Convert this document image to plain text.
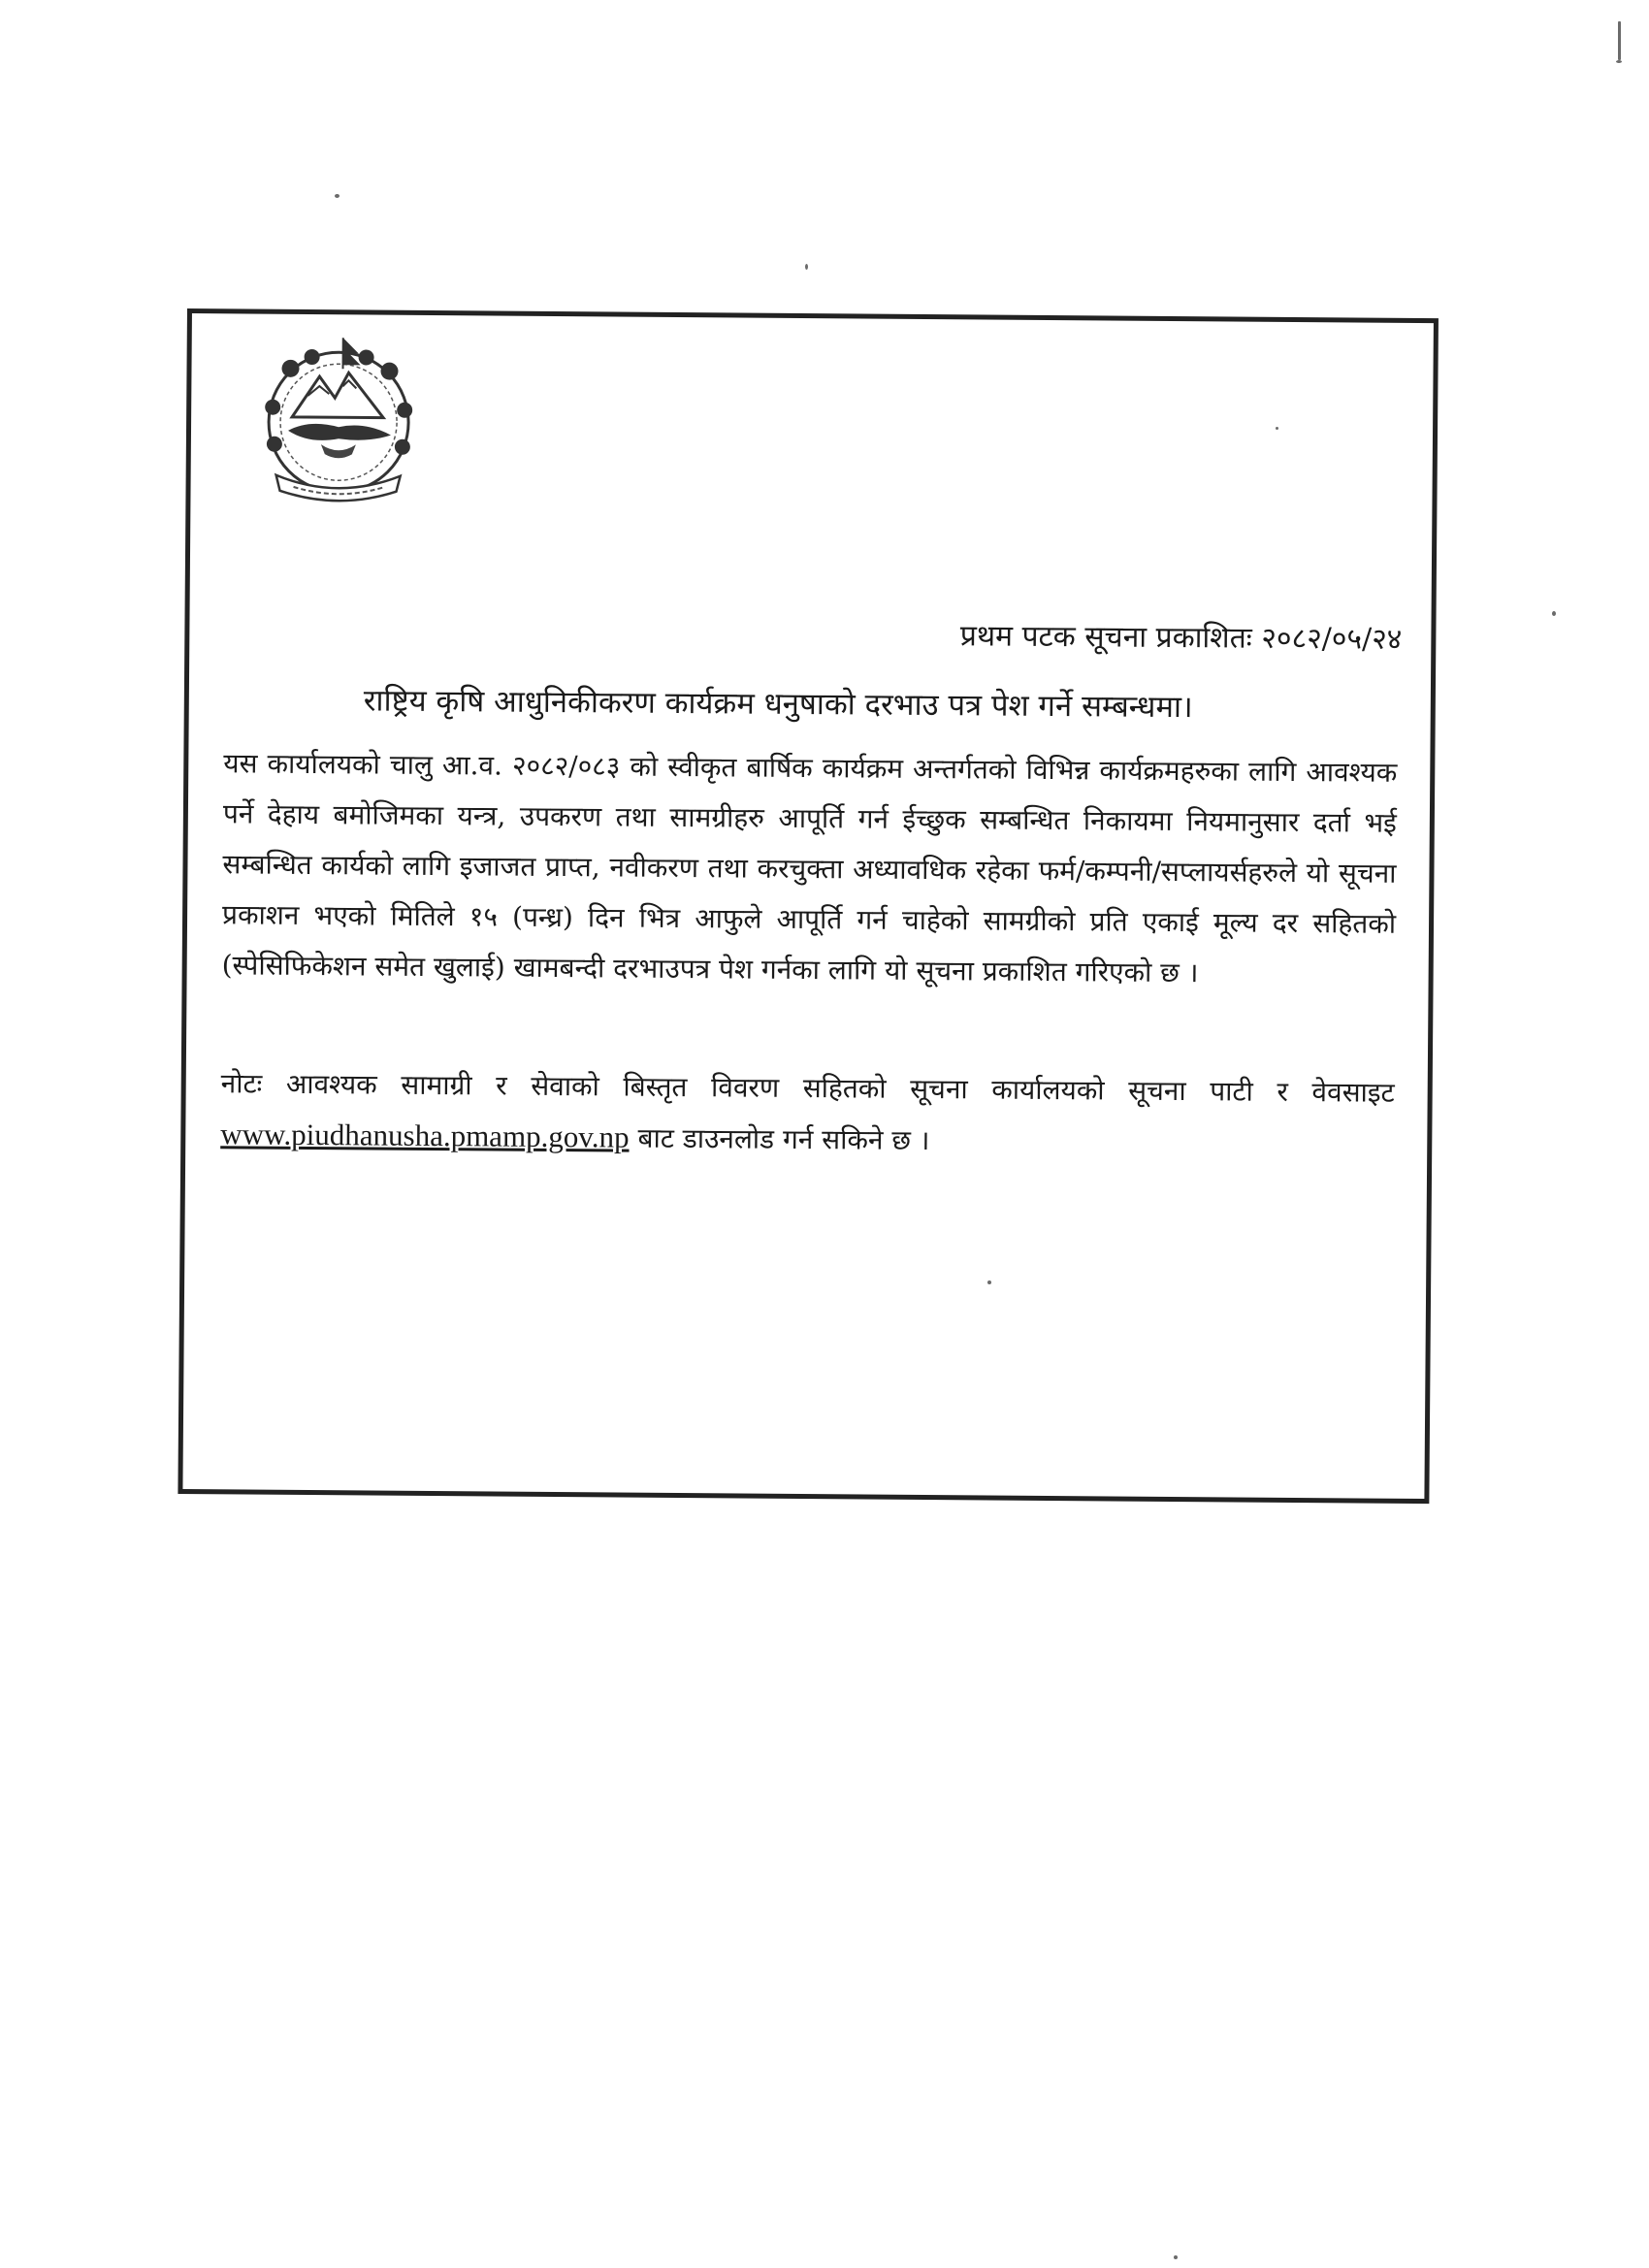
प्रथम पटक सूचना प्रकाशितः २०८२/०५/२४
राष्ट्रिय कृषि आधुनिकीकरण कार्यक्रम धनुषाको दरभाउ पत्र पेश गर्ने सम्बन्धमा।
यस कार्यालयको चालु आ.व. २०८२/०८३ को स्वीकृत बार्षिक कार्यक्रम अन्तर्गतको विभिन्न कार्यक्रमहरुका लागि आवश्यक पर्ने देहाय बमोजिमका यन्त्र, उपकरण तथा सामग्रीहरु आपूर्ति गर्न ईच्छुक सम्बन्धित निकायमा नियमानुसार दर्ता भई सम्बन्धित कार्यको लागि इजाजत प्राप्त, नवीकरण तथा करचुक्ता अध्यावधिक रहेका फर्म/कम्पनी/सप्लायर्सहरुले यो सूचना प्रकाशन भएको मितिले १५ (पन्ध्र) दिन भित्र आफुले आपूर्ति गर्न चाहेको सामग्रीको प्रति एकाई मूल्य दर सहितको (स्पेसिफिकेशन समेत खुलाई) खामबन्दी दरभाउपत्र पेश गर्नका लागि यो सूचना प्रकाशित गरिएको छ ।
नोटः आवश्यक सामाग्री र सेवाको बिस्तृत विवरण सहितको सूचना कार्यालयको सूचना पाटी र वेवसाइट www.piudhanusha.pmamp.gov.np बाट डाउनलोड गर्न सकिने छ ।
